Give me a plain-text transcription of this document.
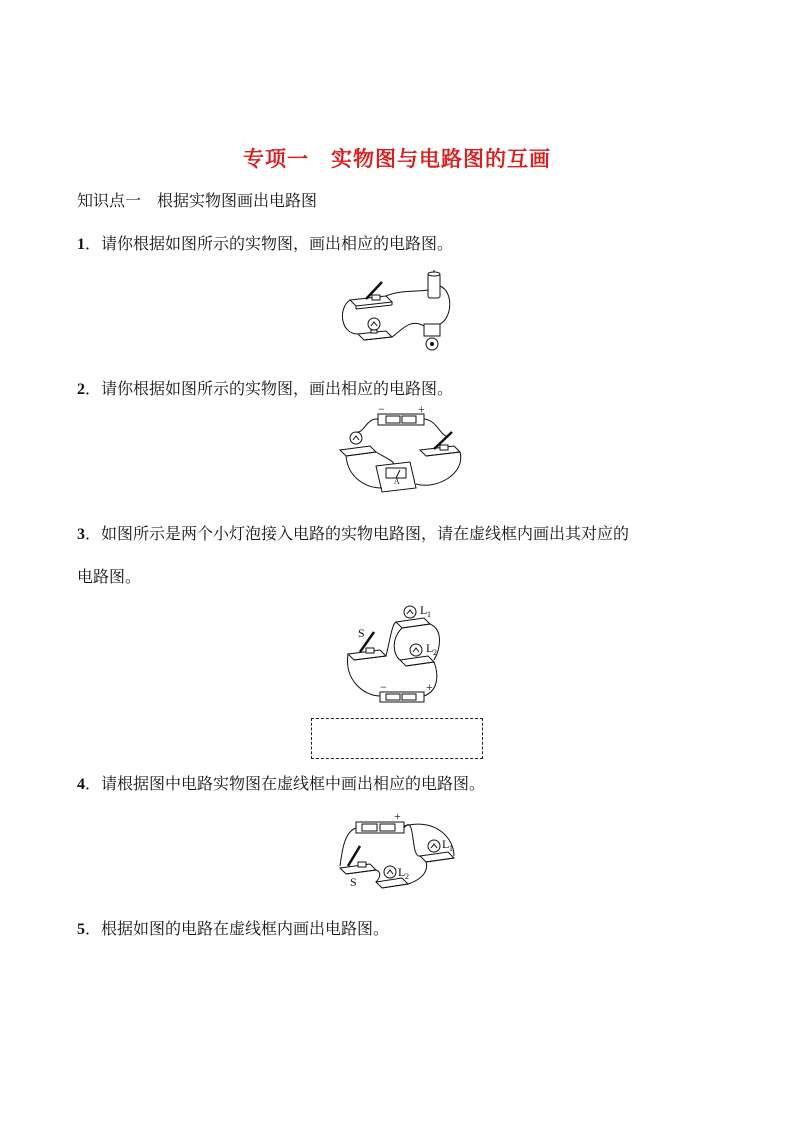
专项一　实物图与电路图的互画
知识点一　根据实物图画出电路图
1．请你根据如图所示的实物图，画出相应的电路图。
2．请你根据如图所示的实物图，画出相应的电路图。
−	+
A
3．如图所示是两个小灯泡接入电路的实物电路图，请在虚线框内画出其对应的
电路图。
S
L 1
L 2
−	+
4．请根据图中电路实物图在虚线框中画出相应的电路图。
S
L 1
L 2
+
5．根据如图的电路在虚线框内画出电路图。
